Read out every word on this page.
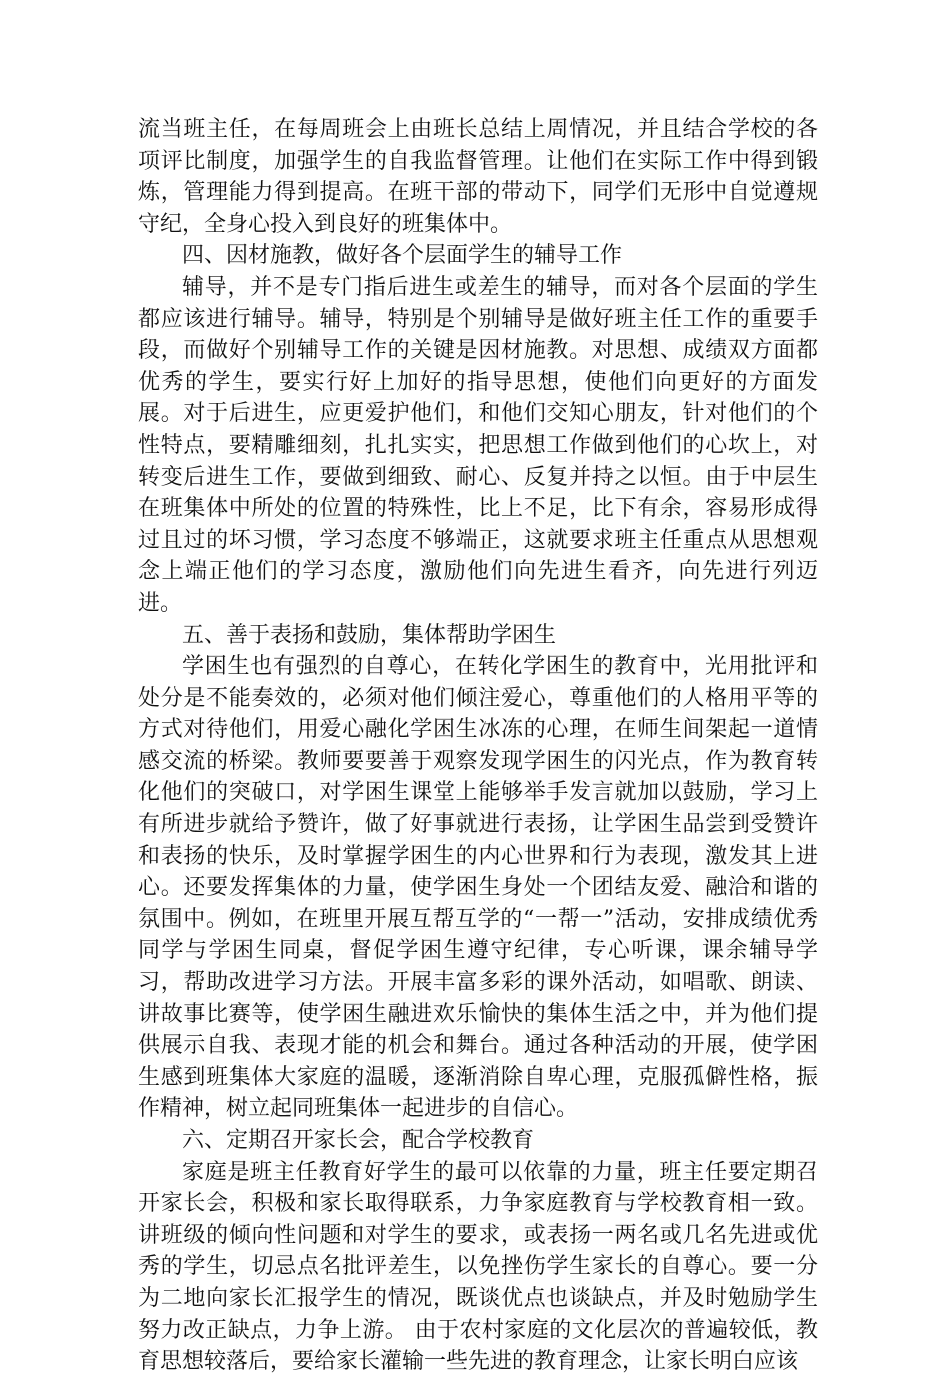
流当班主任，在每周班会上由班长总结上周情况，并且结合学校的各项评比制度，加强学生的自我监督管理。让他们在实际工作中得到锻炼，管理能力得到提高。在班干部的带动下，同学们无形中自觉遵规守纪，全身心投入到良好的班集体中。

四、因材施教，做好各个层面学生的辅导工作

辅导，并不是专门指后进生或差生的辅导，而对各个层面的学生都应该进行辅导。辅导，特别是个别辅导是做好班主任工作的重要手段，而做好个别辅导工作的关键是因材施教。对思想、成绩双方面都优秀的学生，要实行好上加好的指导思想，使他们向更好的方面发展。对于后进生，应更爱护他们，和他们交知心朋友，针对他们的个性特点，要精雕细刻，扎扎实实，把思想工作做到他们的心坎上，对转变后进生工作，要做到细致、耐心、反复并持之以恒。由于中层生在班集体中所处的位置的特殊性，比上不足，比下有余，容易形成得过且过的坏习惯，学习态度不够端正，这就要求班主任重点从思想观念上端正他们的学习态度，激励他们向先进生看齐，向先进行列迈进。

五、善于表扬和鼓励，集体帮助学困生

学困生也有强烈的自尊心，在转化学困生的教育中，光用批评和处分是不能奏效的，必须对他们倾注爱心，尊重他们的人格用平等的方式对待他们，用爱心融化学困生冰冻的心理，在师生间架起一道情感交流的桥梁。教师要要善于观察发现学困生的闪光点，作为教育转化他们的突破口，对学困生课堂上能够举手发言就加以鼓励，学习上有所进步就给予赞许，做了好事就进行表扬，让学困生品尝到受赞许和表扬的快乐，及时掌握学困生的内心世界和行为表现，激发其上进心。还要发挥集体的力量，使学困生身处一个团结友爱、融洽和谐的氛围中。例如，在班里开展互帮互学的“一帮一”活动，安排成绩优秀同学与学困生同桌，督促学困生遵守纪律，专心听课，课余辅导学习，帮助改进学习方法。开展丰富多彩的课外活动，如唱歌、朗读、讲故事比赛等，使学困生融进欢乐愉快的集体生活之中，并为他们提供展示自我、表现才能的机会和舞台。通过各种活动的开展，使学困生感到班集体大家庭的温暖，逐渐消除自卑心理，克服孤僻性格，振作精神，树立起同班集体一起进步的自信心。

六、定期召开家长会，配合学校教育

家庭是班主任教育好学生的最可以依靠的力量，班主任要定期召开家长会，积极和家长取得联系，力争家庭教育与学校教育相一致。讲班级的倾向性问题和对学生的要求，或表扬一两名或几名先进或优秀的学生，切忌点名批评差生，以免挫伤学生家长的自尊心。要一分为二地向家长汇报学生的情况，既谈优点也谈缺点，并及时勉励学生努力改正缺点，力争上游。 由于农村家庭的文化层次的普遍较低，教育思想较落后，要给家长灌输一些先进的教育理念，让家长明白应该
